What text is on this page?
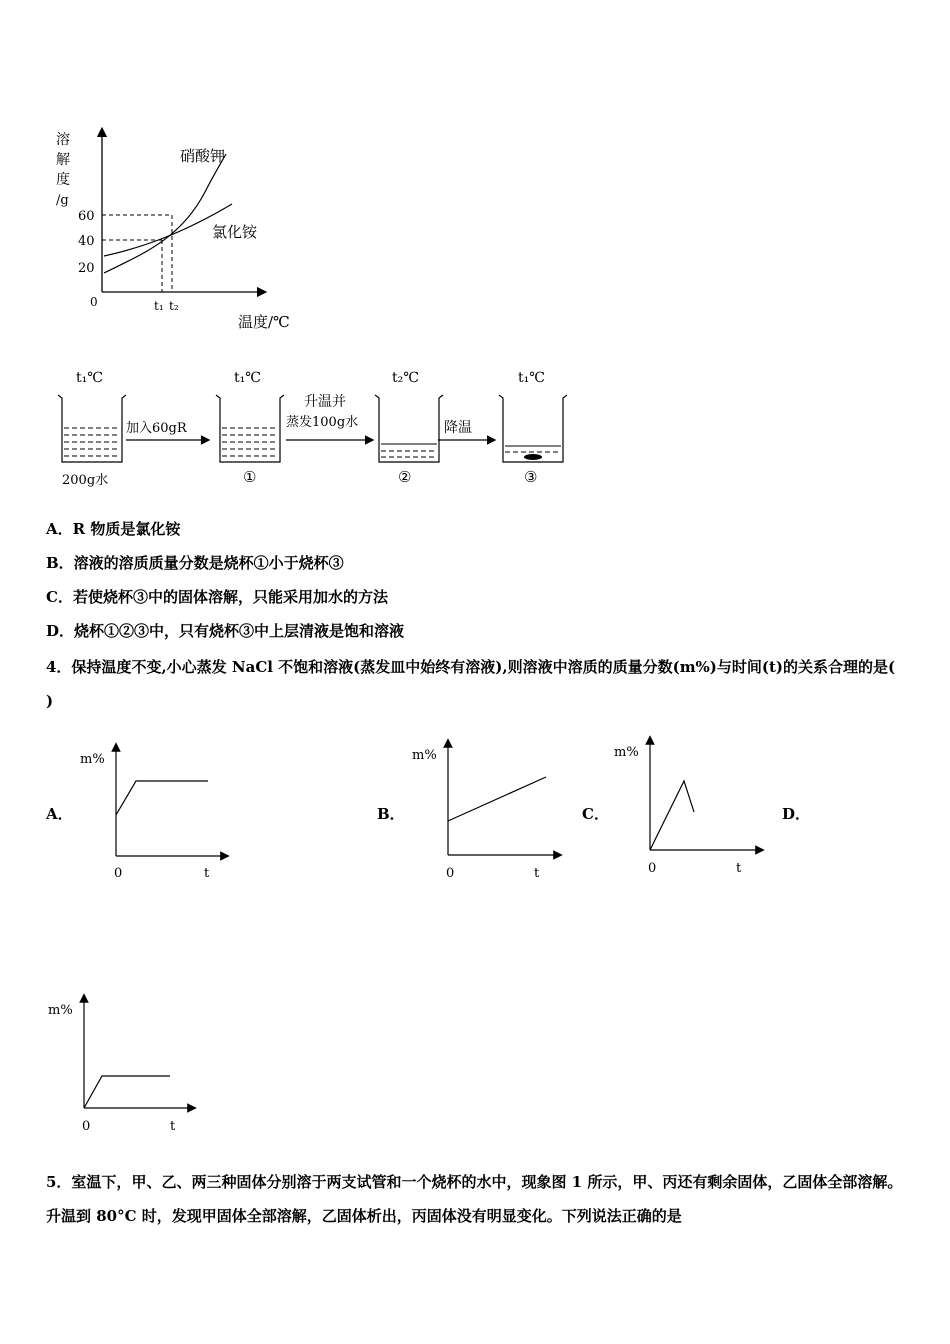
溶
解
度
/g
60
40
20
0
硝酸钾
氯化铵
t₁ t₂
温度/℃
t₁℃
200g水
加入60gR
t₁℃
①
升温并
蒸发100g水
t₂℃
②
降温
t₁℃
③

A．R 物质是氯化铵

B．溶液的溶质质量分数是烧杯①小于烧杯③

C．若使烧杯③中的固体溶解，只能采用加水的方法

D．烧杯①②③中，只有烧杯③中上层清液是饱和溶液

4．保持温度不变,小心蒸发 NaCl 不饱和溶液(蒸发皿中始终有溶液),则溶液中溶质的质量分数(m%)与时间(t)的关系合理的是( )

A．	B．	C．	D．
m%
0	t
m%
0	t
m%
0	t
m%
0	t

5．室温下，甲、乙、两三种固体分别溶于两支试管和一个烧杯的水中，现象图 1 所示，甲、丙还有剩余固体，乙固体全部溶解。升温到 80°C 时，发现甲固体全部溶解，乙固体析出，丙固体没有明显变化。下列说法正确的是
